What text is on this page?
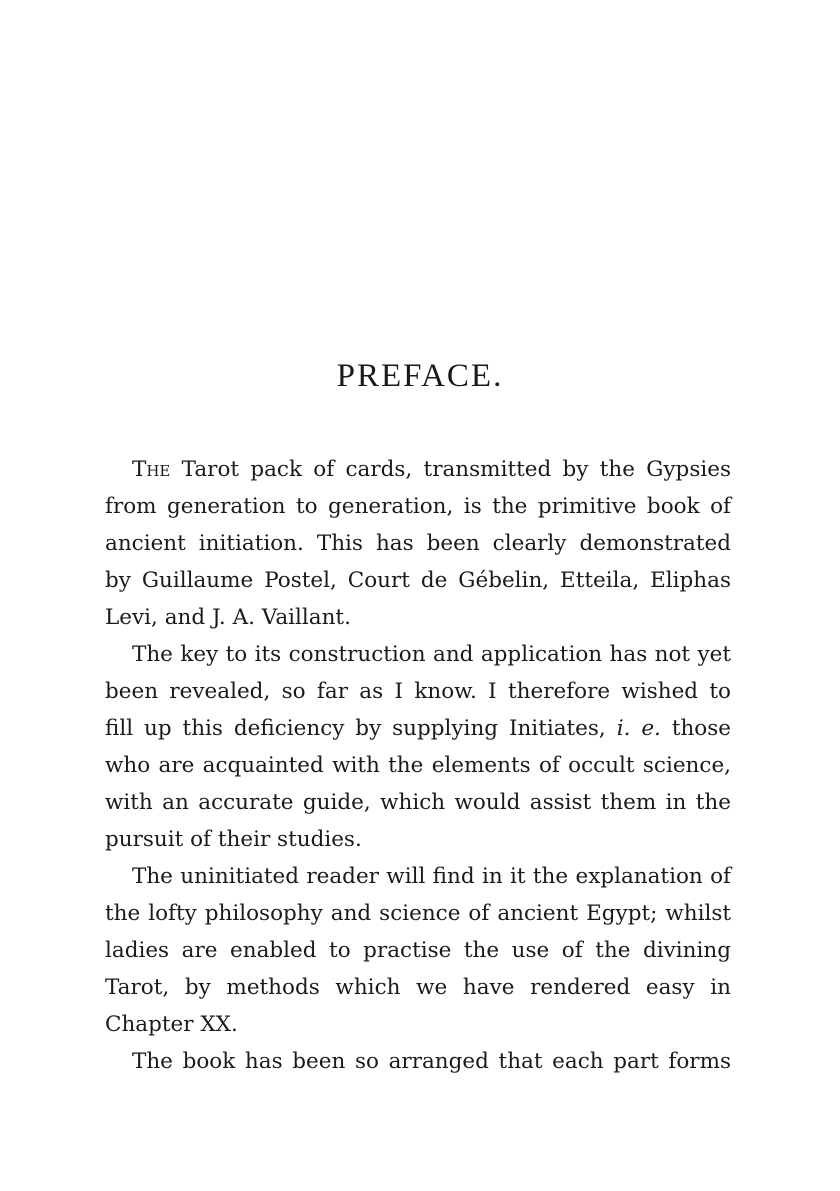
PREFACE.
The Tarot pack of cards, transmitted by the Gypsies
from generation to generation, is the primitive book of
ancient initiation. This has been clearly demonstrated
by Guillaume Postel, Court de Gébelin, Etteila, Eliphas
Levi, and J. A. Vaillant.
The key to its construction and application has not yet
been revealed, so far as I know. I therefore wished to
fill up this deficiency by supplying Initiates, i. e. those
who are acquainted with the elements of occult science,
with an accurate guide, which would assist them in the
pursuit of their studies.
The uninitiated reader will find in it the explanation of
the lofty philosophy and science of ancient Egypt; whilst
ladies are enabled to practise the use of the divining
Tarot, by methods which we have rendered easy in
Chapter XX.
The book has been so arranged that each part forms
